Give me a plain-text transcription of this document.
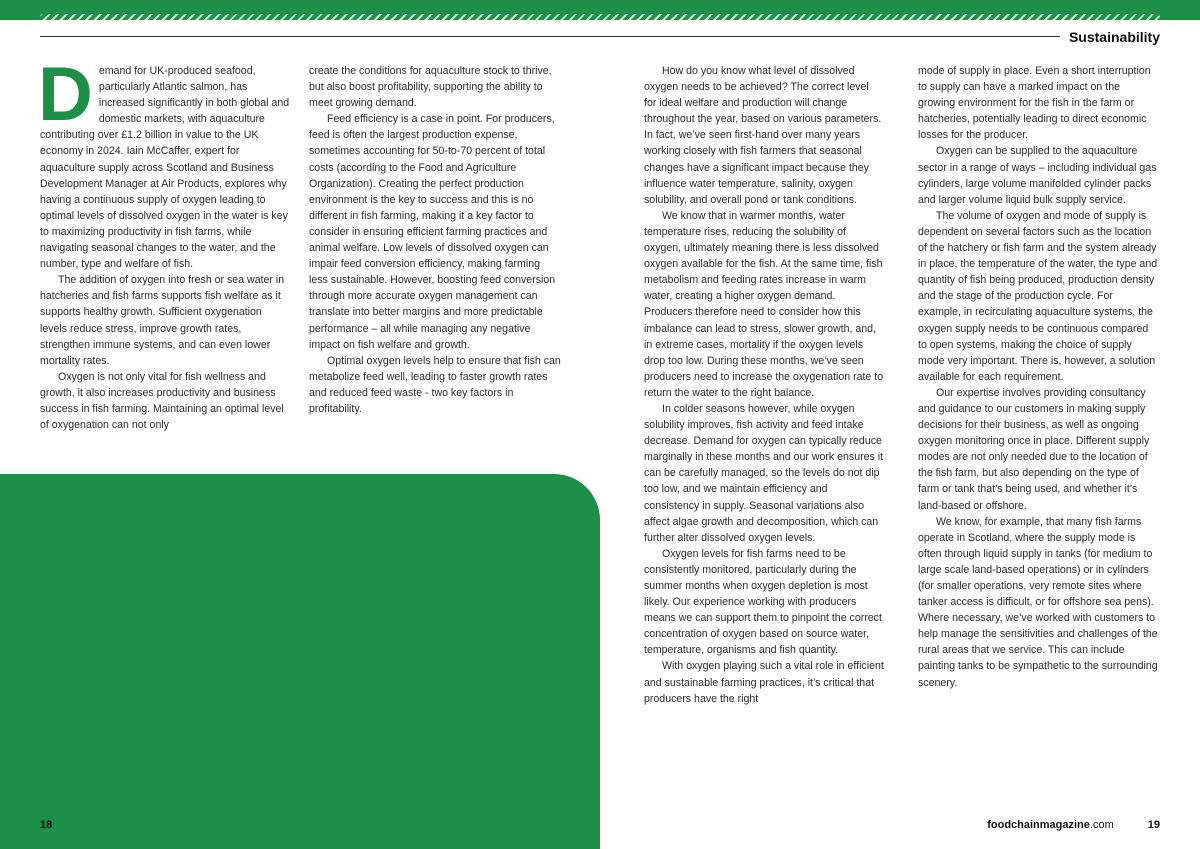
Sustainability

Demand for UK-produced seafood, particularly Atlantic salmon, has increased significantly in both global and domestic markets, with aquaculture contributing over £1.2 billion in value to the UK economy in 2024. Iain McCaffer, expert for aquaculture supply across Scotland and Business Development Manager at Air Products, explores why having a continuous supply of oxygen leading to optimal levels of dissolved oxygen in the water is key to maximizing productivity in fish farms, while navigating seasonal changes to the water, and the number, type and welfare of fish.

The addition of oxygen into fresh or sea water in hatcheries and fish farms supports fish welfare as it supports healthy growth. Sufficient oxygenation levels reduce stress, improve growth rates, strengthen immune systems, and can even lower mortality rates.

Oxygen is not only vital for fish wellness and growth, it also increases productivity and business success in fish farming. Maintaining an optimal level of oxygenation can not only

create the conditions for aquaculture stock to thrive, but also boost profitability, supporting the ability to meet growing demand.

Feed efficiency is a case in point. For producers, feed is often the largest production expense, sometimes accounting for 50-to-70 percent of total costs (according to the Food and Agriculture Organization). Creating the perfect production environment is the key to success and this is no different in fish farming, making it a key factor to consider in ensuring efficient farming practices and animal welfare. Low levels of dissolved oxygen can impair feed conversion efficiency, making farming less sustainable. However, boosting feed conversion through more accurate oxygen management can translate into better margins and more predictable performance – all while managing any negative impact on fish welfare and growth.

Optimal oxygen levels help to ensure that fish can metabolize feed well, leading to faster growth rates and reduced feed waste - two key factors in profitability.

How do you know what level of dissolved oxygen needs to be achieved? The correct level for ideal welfare and production will change throughout the year, based on various parameters. In fact, we’ve seen first-hand over many years working closely with fish farmers that seasonal changes have a significant impact because they influence water temperature, salinity, oxygen solubility, and overall pond or tank conditions.

We know that in warmer months, water temperature rises, reducing the solubility of oxygen, ultimately meaning there is less dissolved oxygen available for the fish. At the same time, fish metabolism and feeding rates increase in warm water, creating a higher oxygen demand. Producers therefore need to consider how this imbalance can lead to stress, slower growth, and, in extreme cases, mortality if the oxygen levels drop too low. During these months, we’ve seen producers need to increase the oxygenation rate to return the water to the right balance.

In colder seasons however, while oxygen solubility improves, fish activity and feed intake decrease. Demand for oxygen can typically reduce marginally in these months and our work ensures it can be carefully managed, so the levels do not dip too low, and we maintain efficiency and consistency in supply. Seasonal variations also affect algae growth and decomposition, which can further alter dissolved oxygen levels.

Oxygen levels for fish farms need to be consistently monitored, particularly during the summer months when oxygen depletion is most likely. Our experience working with producers means we can support them to pinpoint the correct concentration of oxygen based on source water, temperature, organisms and fish quantity.

With oxygen playing such a vital role in efficient and sustainable farming practices, it’s critical that producers have the right

mode of supply in place. Even a short interruption to supply can have a marked impact on the growing environment for the fish in the farm or hatcheries, potentially leading to direct economic losses for the producer.

Oxygen can be supplied to the aquaculture sector in a range of ways – including individual gas cylinders, large volume manifolded cylinder packs and larger volume liquid bulk supply service.

The volume of oxygen and mode of supply is dependent on several factors such as the location of the hatchery or fish farm and the system already in place, the temperature of the water, the type and quantity of fish being produced, production density and the stage of the production cycle. For example, in recirculating aquaculture systems, the oxygen supply needs to be continuous compared to open systems, making the choice of supply mode very important. There is, however, a solution available for each requirement.

Our expertise involves providing consultancy and guidance to our customers in making supply decisions for their business, as well as ongoing oxygen monitoring once in place. Different supply modes are not only needed due to the location of the fish farm, but also depending on the type of farm or tank that’s being used, and whether it’s land-based or offshore.

We know, for example, that many fish farms operate in Scotland, where the supply mode is often through liquid supply in tanks (for medium to large scale land-based operations) or in cylinders (for smaller operations, very remote sites where tanker access is difficult, or for offshore sea pens). Where necessary, we’ve worked with customers to help manage the sensitivities and challenges of the rural areas that we service. This can include painting tanks to be sympathetic to the surrounding scenery.

18	foodchainmagazine.com	19
